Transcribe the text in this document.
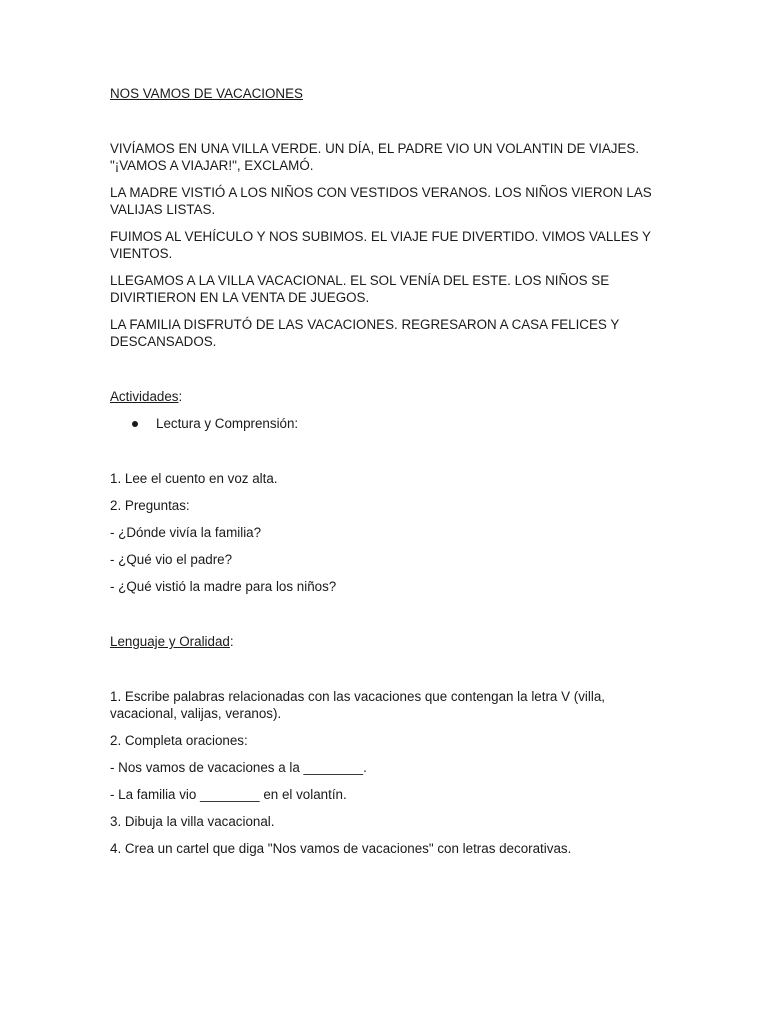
NOS VAMOS DE VACACIONES

VIVÍAMOS EN UNA VILLA VERDE. UN DÍA, EL PADRE VIO UN VOLANTIN DE VIAJES. "¡VAMOS A VIAJAR!", EXCLAMÓ.

LA MADRE VISTIÓ A LOS NIÑOS CON VESTIDOS VERANOS. LOS NIÑOS VIERON LAS VALIJAS LISTAS.

FUIMOS AL VEHÍCULO Y NOS SUBIMOS. EL VIAJE FUE DIVERTIDO. VIMOS VALLES Y VIENTOS.

LLEGAMOS A LA VILLA VACACIONAL. EL SOL VENÍA DEL ESTE. LOS NIÑOS SE DIVIRTIERON EN LA VENTA DE JUEGOS.

LA FAMILIA DISFRUTÓ DE LAS VACACIONES. REGRESARON A CASA FELICES Y DESCANSADOS.

Actividades:

Lectura y Comprensión:

1. Lee el cuento en voz alta.

2. Preguntas:

- ¿Dónde vivía la familia?

- ¿Qué vio el padre?

- ¿Qué vistió la madre para los niños?

Lenguaje y Oralidad:

1. Escribe palabras relacionadas con las vacaciones que contengan la letra V (villa, vacacional, valijas, veranos).

2. Completa oraciones:

- Nos vamos de vacaciones a la ________.

- La familia vio ________ en el volantín.

3. Dibuja la villa vacacional.

4. Crea un cartel que diga "Nos vamos de vacaciones" con letras decorativas.
